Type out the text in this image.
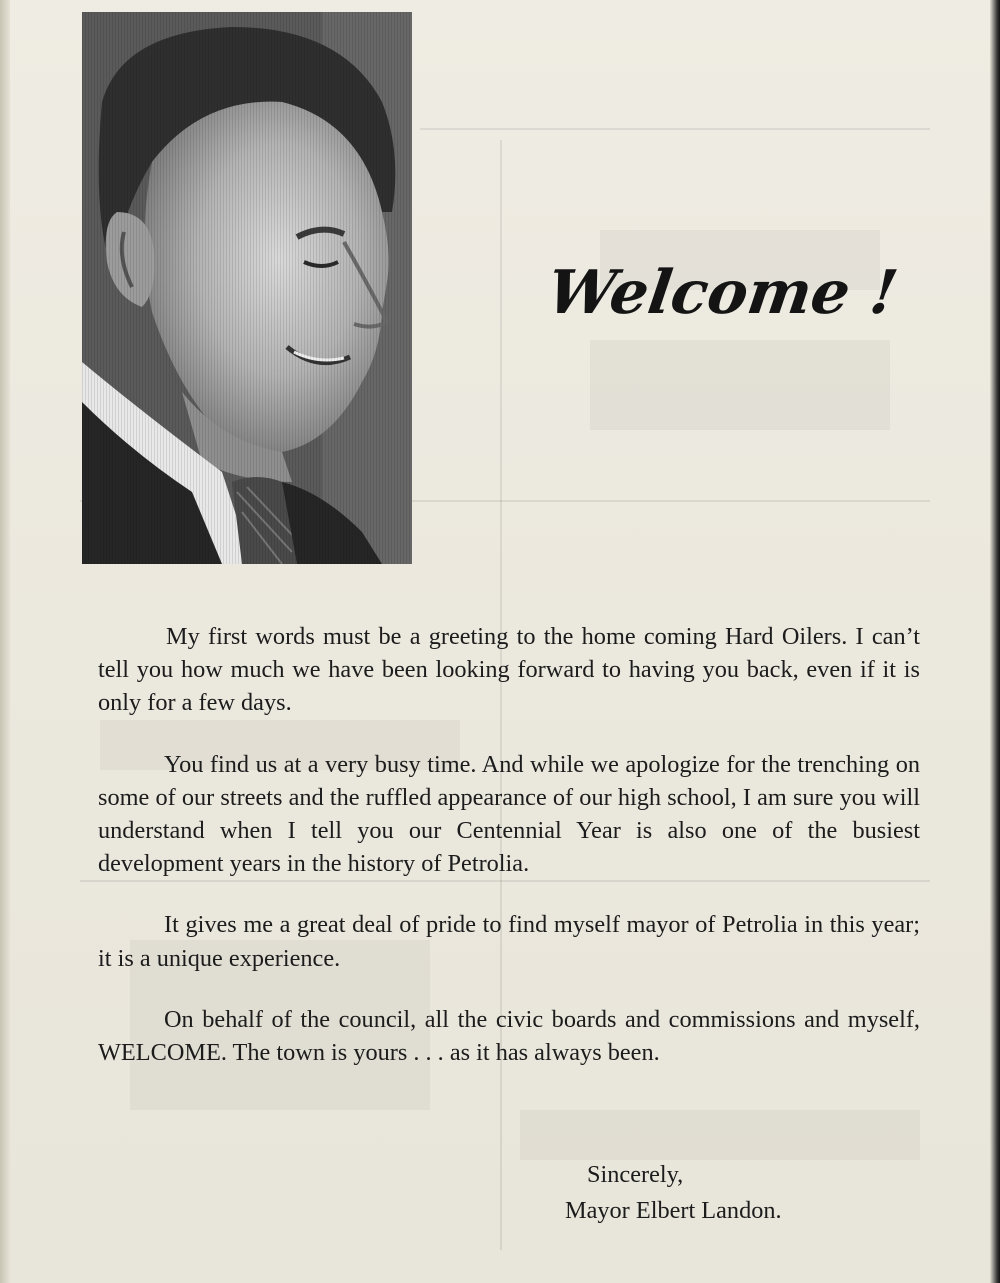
Welcome !

My first words must be a greeting to the home coming Hard Oilers. I can’t tell you how much we have been looking forward to having you back, even if it is only for a few days.

You find us at a very busy time. And while we apologize for the trenching on some of our streets and the ruffled appearance of our high school, I am sure you will understand when I tell you our Centennial Year is also one of the busiest development years in the history of Petrolia.

It gives me a great deal of pride to find myself mayor of Petrolia in this year; it is a unique experience.

On behalf of the council, all the civic boards and commissions and myself, WELCOME. The town is yours . . . as it has always been.

Sincerely,
Mayor Elbert Landon.
